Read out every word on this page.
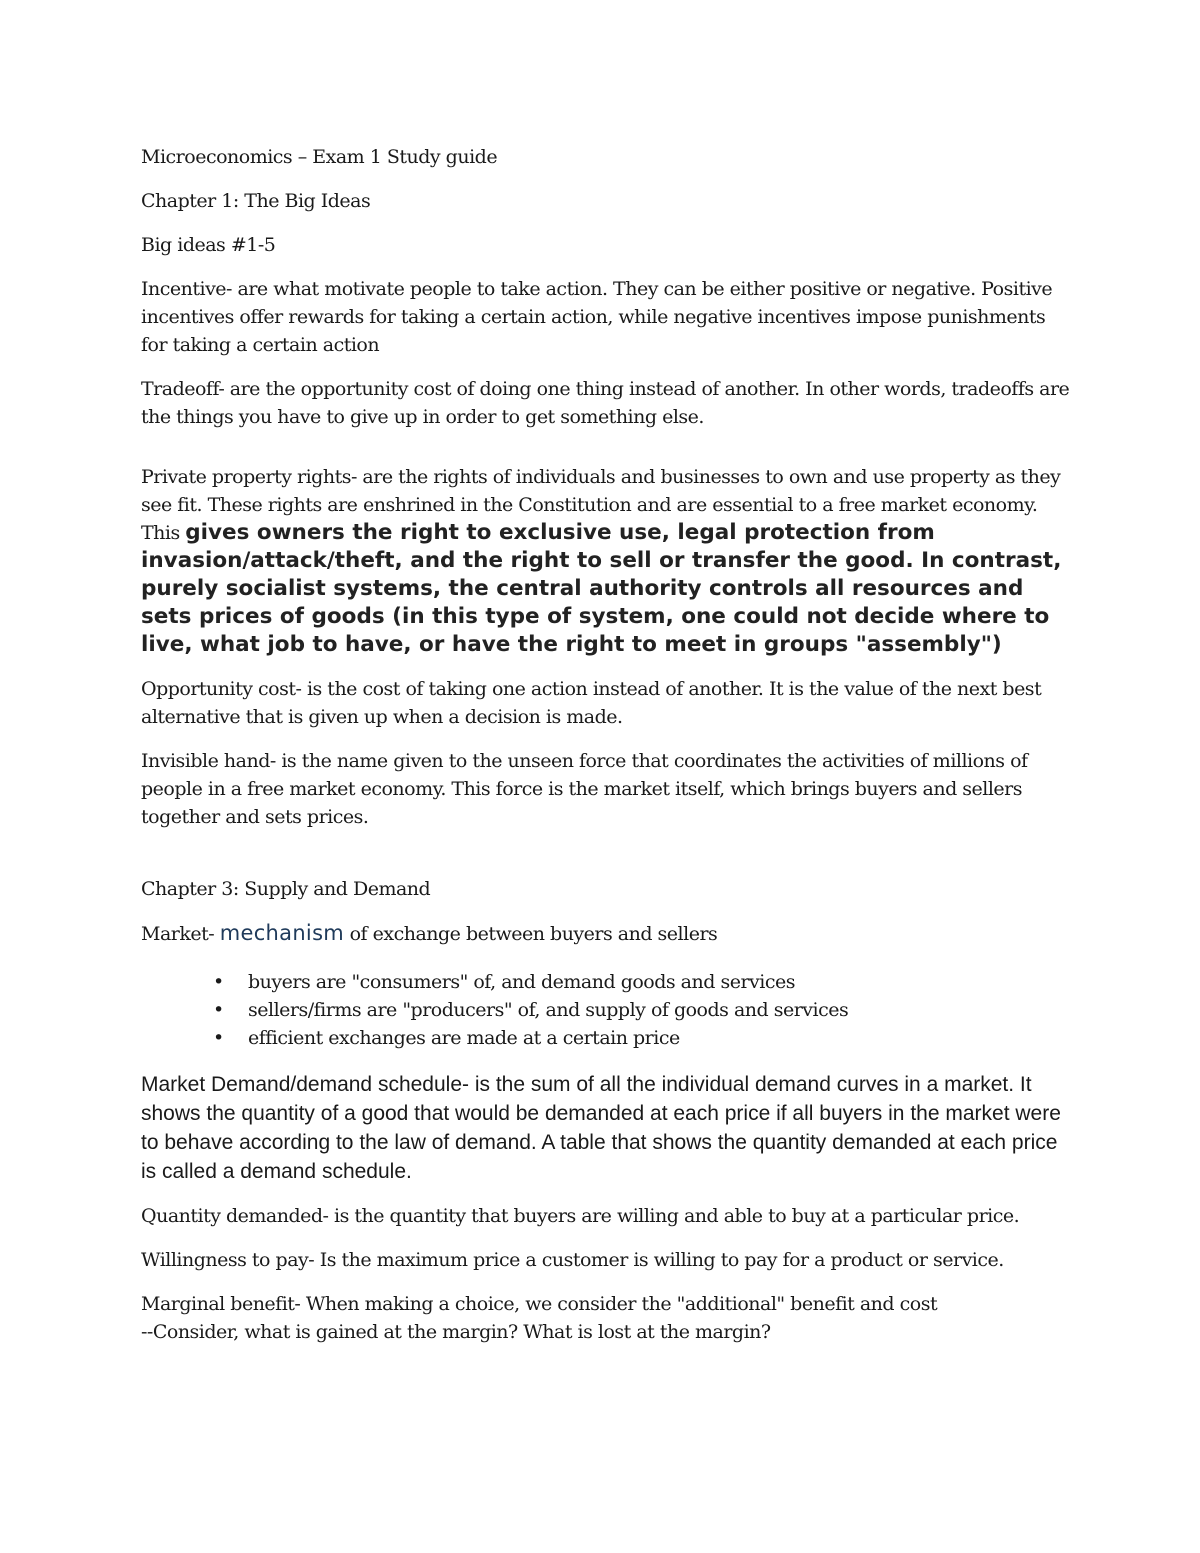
Microeconomics – Exam 1 Study guide

Chapter 1: The Big Ideas

Big ideas #1-5

Incentive- are what motivate people to take action. They can be either positive or negative. Positive incentives offer rewards for taking a certain action, while negative incentives impose punishments for taking a certain action

Tradeoff- are the opportunity cost of doing one thing instead of another. In other words, tradeoffs are the things you have to give up in order to get something else.

Private property rights- are the rights of individuals and businesses to own and use property as they see fit. These rights are enshrined in the Constitution and are essential to a free market economy. This gives owners the right to exclusive use, legal protection from invasion/attack/theft, and the right to sell or transfer the good. In contrast, purely socialist systems, the central authority controls all resources and sets prices of goods (in this type of system, one could not decide where to live, what job to have, or have the right to meet in groups "assembly")

Opportunity cost- is the cost of taking one action instead of another. It is the value of the next best alternative that is given up when a decision is made.

Invisible hand- is the name given to the unseen force that coordinates the activities of millions of people in a free market economy. This force is the market itself, which brings buyers and sellers together and sets prices.

Chapter 3: Supply and Demand

Market- mechanism of exchange between buyers and sellers

• buyers are "consumers" of, and demand goods and services
• sellers/firms are "producers" of, and supply of goods and services
• efficient exchanges are made at a certain price

Market Demand/demand schedule- is the sum of all the individual demand curves in a market. It shows the quantity of a good that would be demanded at each price if all buyers in the market were to behave according to the law of demand. A table that shows the quantity demanded at each price is called a demand schedule.

Quantity demanded- is the quantity that buyers are willing and able to buy at a particular price.

Willingness to pay- Is the maximum price a customer is willing to pay for a product or service.

Marginal benefit- When making a choice, we consider the "additional" benefit and cost

--Consider, what is gained at the margin? What is lost at the margin?
